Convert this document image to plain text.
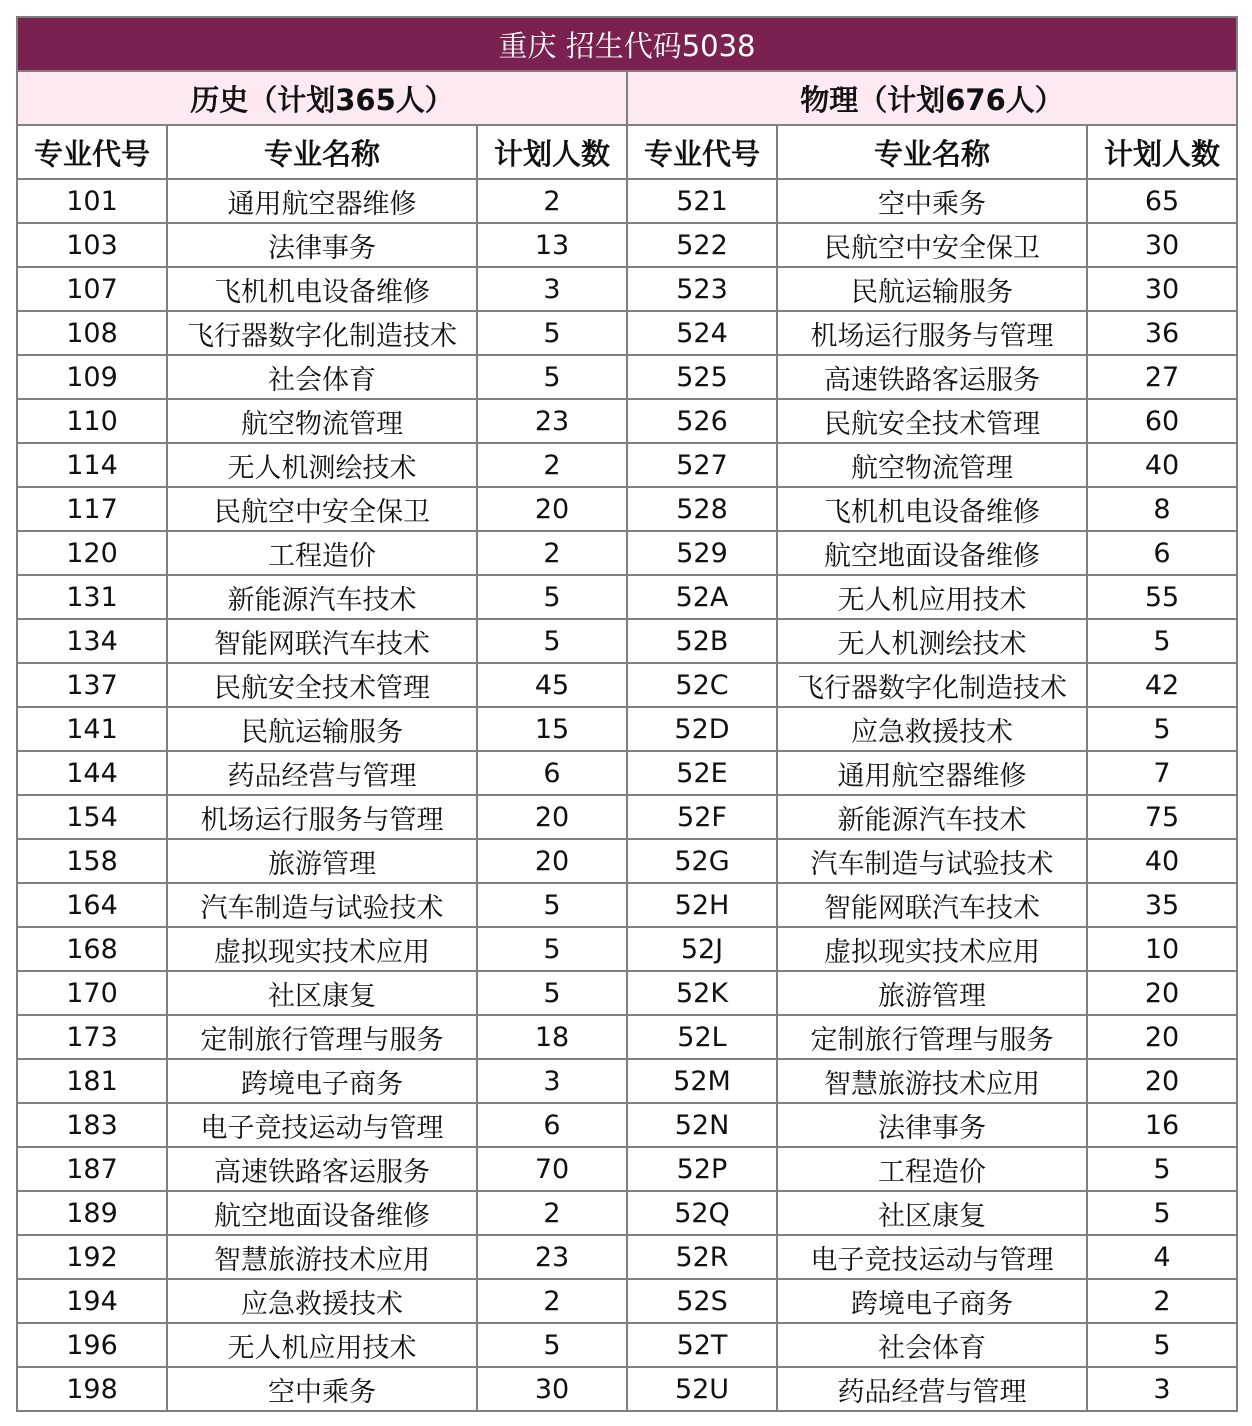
重庆 招生代码5038					
历史（计划365人）			物理（计划676人）		
专业代号	专业名称	计划人数	专业代号	专业名称	计划人数
101	通用航空器维修	2	521	空中乘务	65
103	法律事务	13	522	民航空中安全保卫	30
107	飞机机电设备维修	3	523	民航运输服务	30
108	飞行器数字化制造技术	5	524	机场运行服务与管理	36
109	社会体育	5	525	高速铁路客运服务	27
110	航空物流管理	23	526	民航安全技术管理	60
114	无人机测绘技术	2	527	航空物流管理	40
117	民航空中安全保卫	20	528	飞机机电设备维修	8
120	工程造价	2	529	航空地面设备维修	6
131	新能源汽车技术	5	52A	无人机应用技术	55
134	智能网联汽车技术	5	52B	无人机测绘技术	5
137	民航安全技术管理	45	52C	飞行器数字化制造技术	42
141	民航运输服务	15	52D	应急救援技术	5
144	药品经营与管理	6	52E	通用航空器维修	7
154	机场运行服务与管理	20	52F	新能源汽车技术	75
158	旅游管理	20	52G	汽车制造与试验技术	40
164	汽车制造与试验技术	5	52H	智能网联汽车技术	35
168	虚拟现实技术应用	5	52J	虚拟现实技术应用	10
170	社区康复	5	52K	旅游管理	20
173	定制旅行管理与服务	18	52L	定制旅行管理与服务	20
181	跨境电子商务	3	52M	智慧旅游技术应用	20
183	电子竞技运动与管理	6	52N	法律事务	16
187	高速铁路客运服务	70	52P	工程造价	5
189	航空地面设备维修	2	52Q	社区康复	5
192	智慧旅游技术应用	23	52R	电子竞技运动与管理	4
194	应急救援技术	2	52S	跨境电子商务	2
196	无人机应用技术	5	52T	社会体育	5
198	空中乘务	30	52U	药品经营与管理	3
